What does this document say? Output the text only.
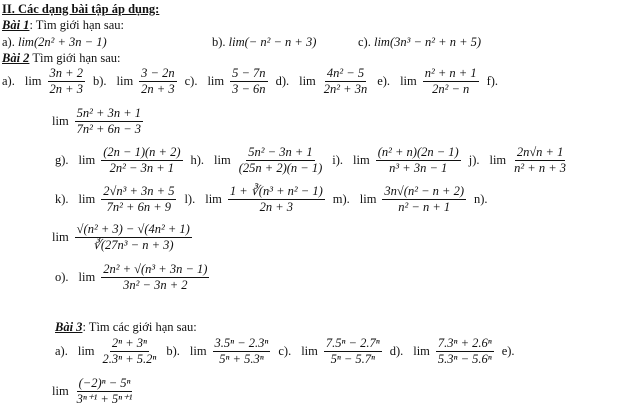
II. Các dạng bài tập áp dụng:
Bài 1: Tìm giới hạn sau:
a). lim(2n² + 3n − 1)	b). lim(− n² − n + 3)	c). lim(3n³ − n² + n + 5)
Bài 2 Tìm giới hạn sau:
a). $\lim \frac{3n + 2}{2n + 3} b$). $\lim \frac{3 - 2n}{2n + 3} c$). $\lim \frac{5 - 7n}{3 - 6n} d$). $\lim \frac{\text{4n² − 5}}{\text{2n² + 3n}} e$). $\lim \frac{\text{n² + n + 1}}{\text{2n² − n}} f$).
$\lim \frac{\text{5n² + 3n + 1}}{\text{7n² + 6n − 3}}$
g). $\lim \frac{(2n - 1)(n + 2)}{\text{2n² − 3n + 1}} h$). $\lim \frac{\text{5n² − 3n + 1}}{(25n + 2)(n - 1)} i$). $\lim \frac{\text{(n² + n)(2n − 1)}}{\text{n³ + 3n − 1}} j$). $\lim \frac{2n√n + 1}{\text{n² + n + 3}}$
k). $\lim \frac{\text{2√n³ + 3n + 5}}{\text{7n² + 6n + 9}} l$). $\lim \frac{\text{1 + ∛(n³ + n² − 1)}}{2n + 3} m$). $\lim \frac{\text{3n√(n² − n + 2)}}{\text{n² − n + 1}} n$).
$\lim \frac{\text{√(n² + 3) − √(4n² + 1)}}{\text{∛(27n³ − n + 3)}}$
o). $\lim \frac{\text{2n² + √(n³ + 3n − 1)}}{\text{3n² − 3n + 2}}$
Bài 3: Tìm các giới hạn sau:
a). $\lim \frac{\text{2ⁿ + 3ⁿ}}{\text{2.3ⁿ + 5.2ⁿ}} b$). $\lim \frac{\text{3.5ⁿ − 2.3ⁿ}}{\text{5ⁿ + 5.3ⁿ}} c$). $\lim \frac{\text{7.5ⁿ − 2.7ⁿ}}{\text{5ⁿ − 5.7ⁿ}} d$). $\lim \frac{\text{7.3ⁿ + 2.6ⁿ}}{\text{5.3ⁿ − 5.6ⁿ}} e$).
$\lim \frac{\text{(−2)ⁿ − 5ⁿ}}{\text{3ⁿ⁺¹ + 5ⁿ⁺¹}}$
